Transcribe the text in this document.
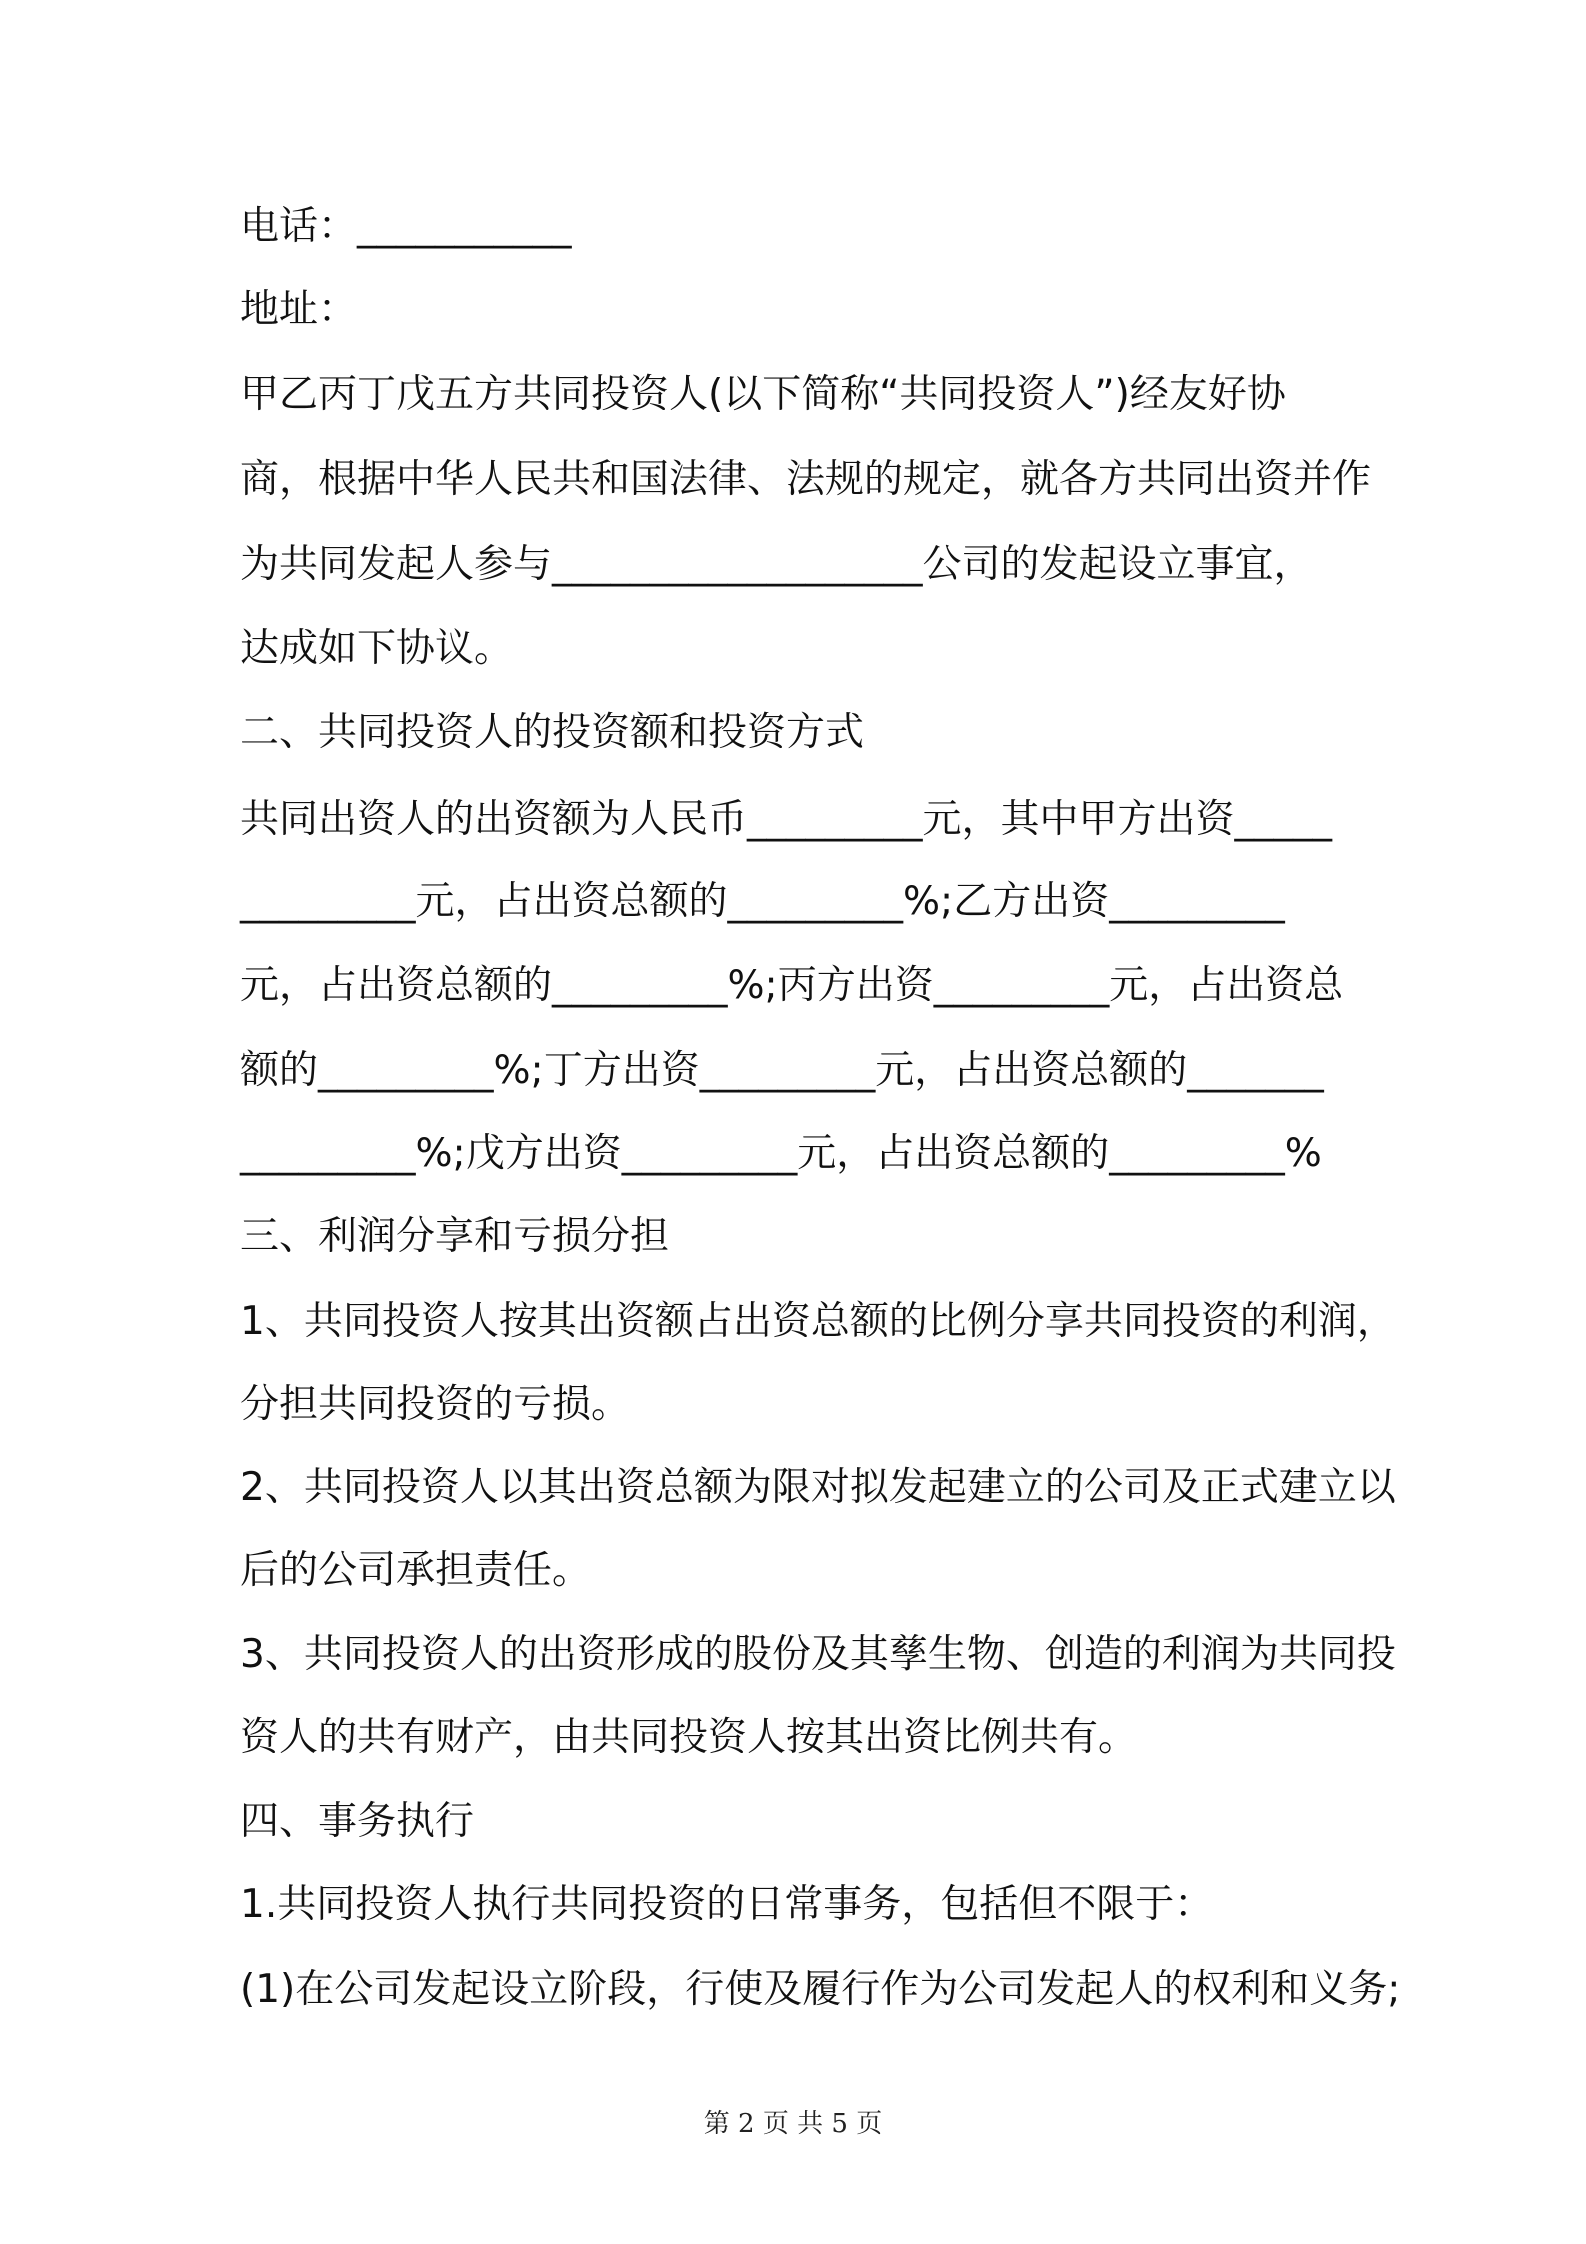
电话：___________
地址：
甲乙丙丁戊五方共同投资人(以下简称“共同投资人”)经友好协
商，根据中华人民共和国法律、法规的规定，就各方共同出资并作
为共同发起人参与___________________公司的发起设立事宜，
达成如下协议。
二、共同投资人的投资额和投资方式
共同出资人的出资额为人民币_________元，其中甲方出资_____
_________元，占出资总额的_________%;乙方出资_________
元，占出资总额的_________%;丙方出资_________元，占出资总
额的_________%;丁方出资_________元，占出资总额的_______
_________%;戊方出资_________元，占出资总额的_________%
三、利润分享和亏损分担
1、共同投资人按其出资额占出资总额的比例分享共同投资的利润，
分担共同投资的亏损。
2、共同投资人以其出资总额为限对拟发起建立的公司及正式建立以
后的公司承担责任。
3、共同投资人的出资形成的股份及其孳生物、创造的利润为共同投
资人的共有财产，由共同投资人按其出资比例共有。
四、事务执行
1.共同投资人执行共同投资的日常事务，包括但不限于：
(1)在公司发起设立阶段，行使及履行作为公司发起人的权利和义务;
第 2 页 共 5 页
